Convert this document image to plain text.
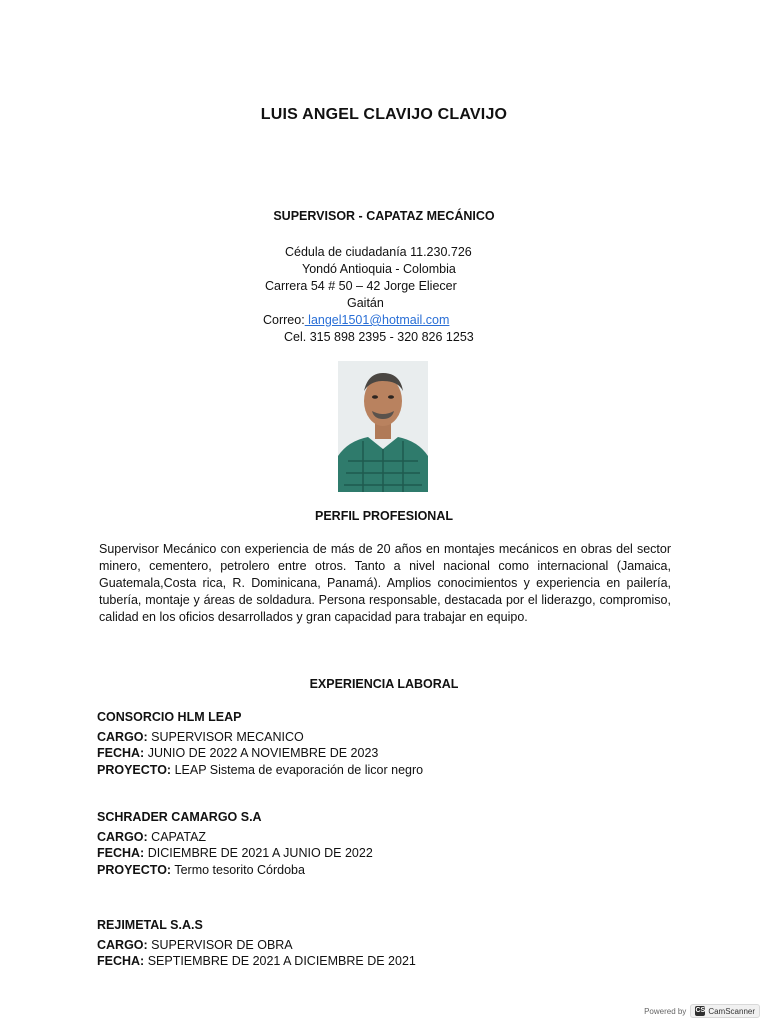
LUIS ANGEL CLAVIJO CLAVIJO
SUPERVISOR - CAPATAZ MECÁNICO
Cédula de ciudadanía 11.230.726
Yondó Antioquia - Colombia
Carrera 54 # 50 – 42 Jorge Eliecer
Gaitán
Correo: langel1501@hotmail.com
Cel. 315 898 2395 - 320 826 1253
PERFIL PROFESIONAL
Supervisor Mecánico con experiencia de más de 20 años en montajes mecánicos en obras del sector minero, cementero, petrolero entre otros. Tanto a nivel nacional como internacional (Jamaica, Guatemala,Costa rica, R. Dominicana, Panamá). Amplios conocimientos y experiencia en pailería, tubería, montaje y áreas de soldadura. Persona responsable, destacada por el liderazgo, compromiso, calidad en los oficios desarrollados y gran capacidad para trabajar en equipo.
EXPERIENCIA LABORAL
CONSORCIO HLM LEAP
CARGO: SUPERVISOR MECANICO
FECHA: JUNIO DE 2022 A NOVIEMBRE DE 2023
PROYECTO: LEAP Sistema de evaporación de licor negro
SCHRADER CAMARGO S.A
CARGO: CAPATAZ
FECHA: DICIEMBRE DE 2021 A JUNIO DE 2022
PROYECTO: Termo tesorito Córdoba
REJIMETAL S.A.S
CARGO: SUPERVISOR DE OBRA
FECHA: SEPTIEMBRE DE 2021 A DICIEMBRE DE 2021
Powered by CS CamScanner
